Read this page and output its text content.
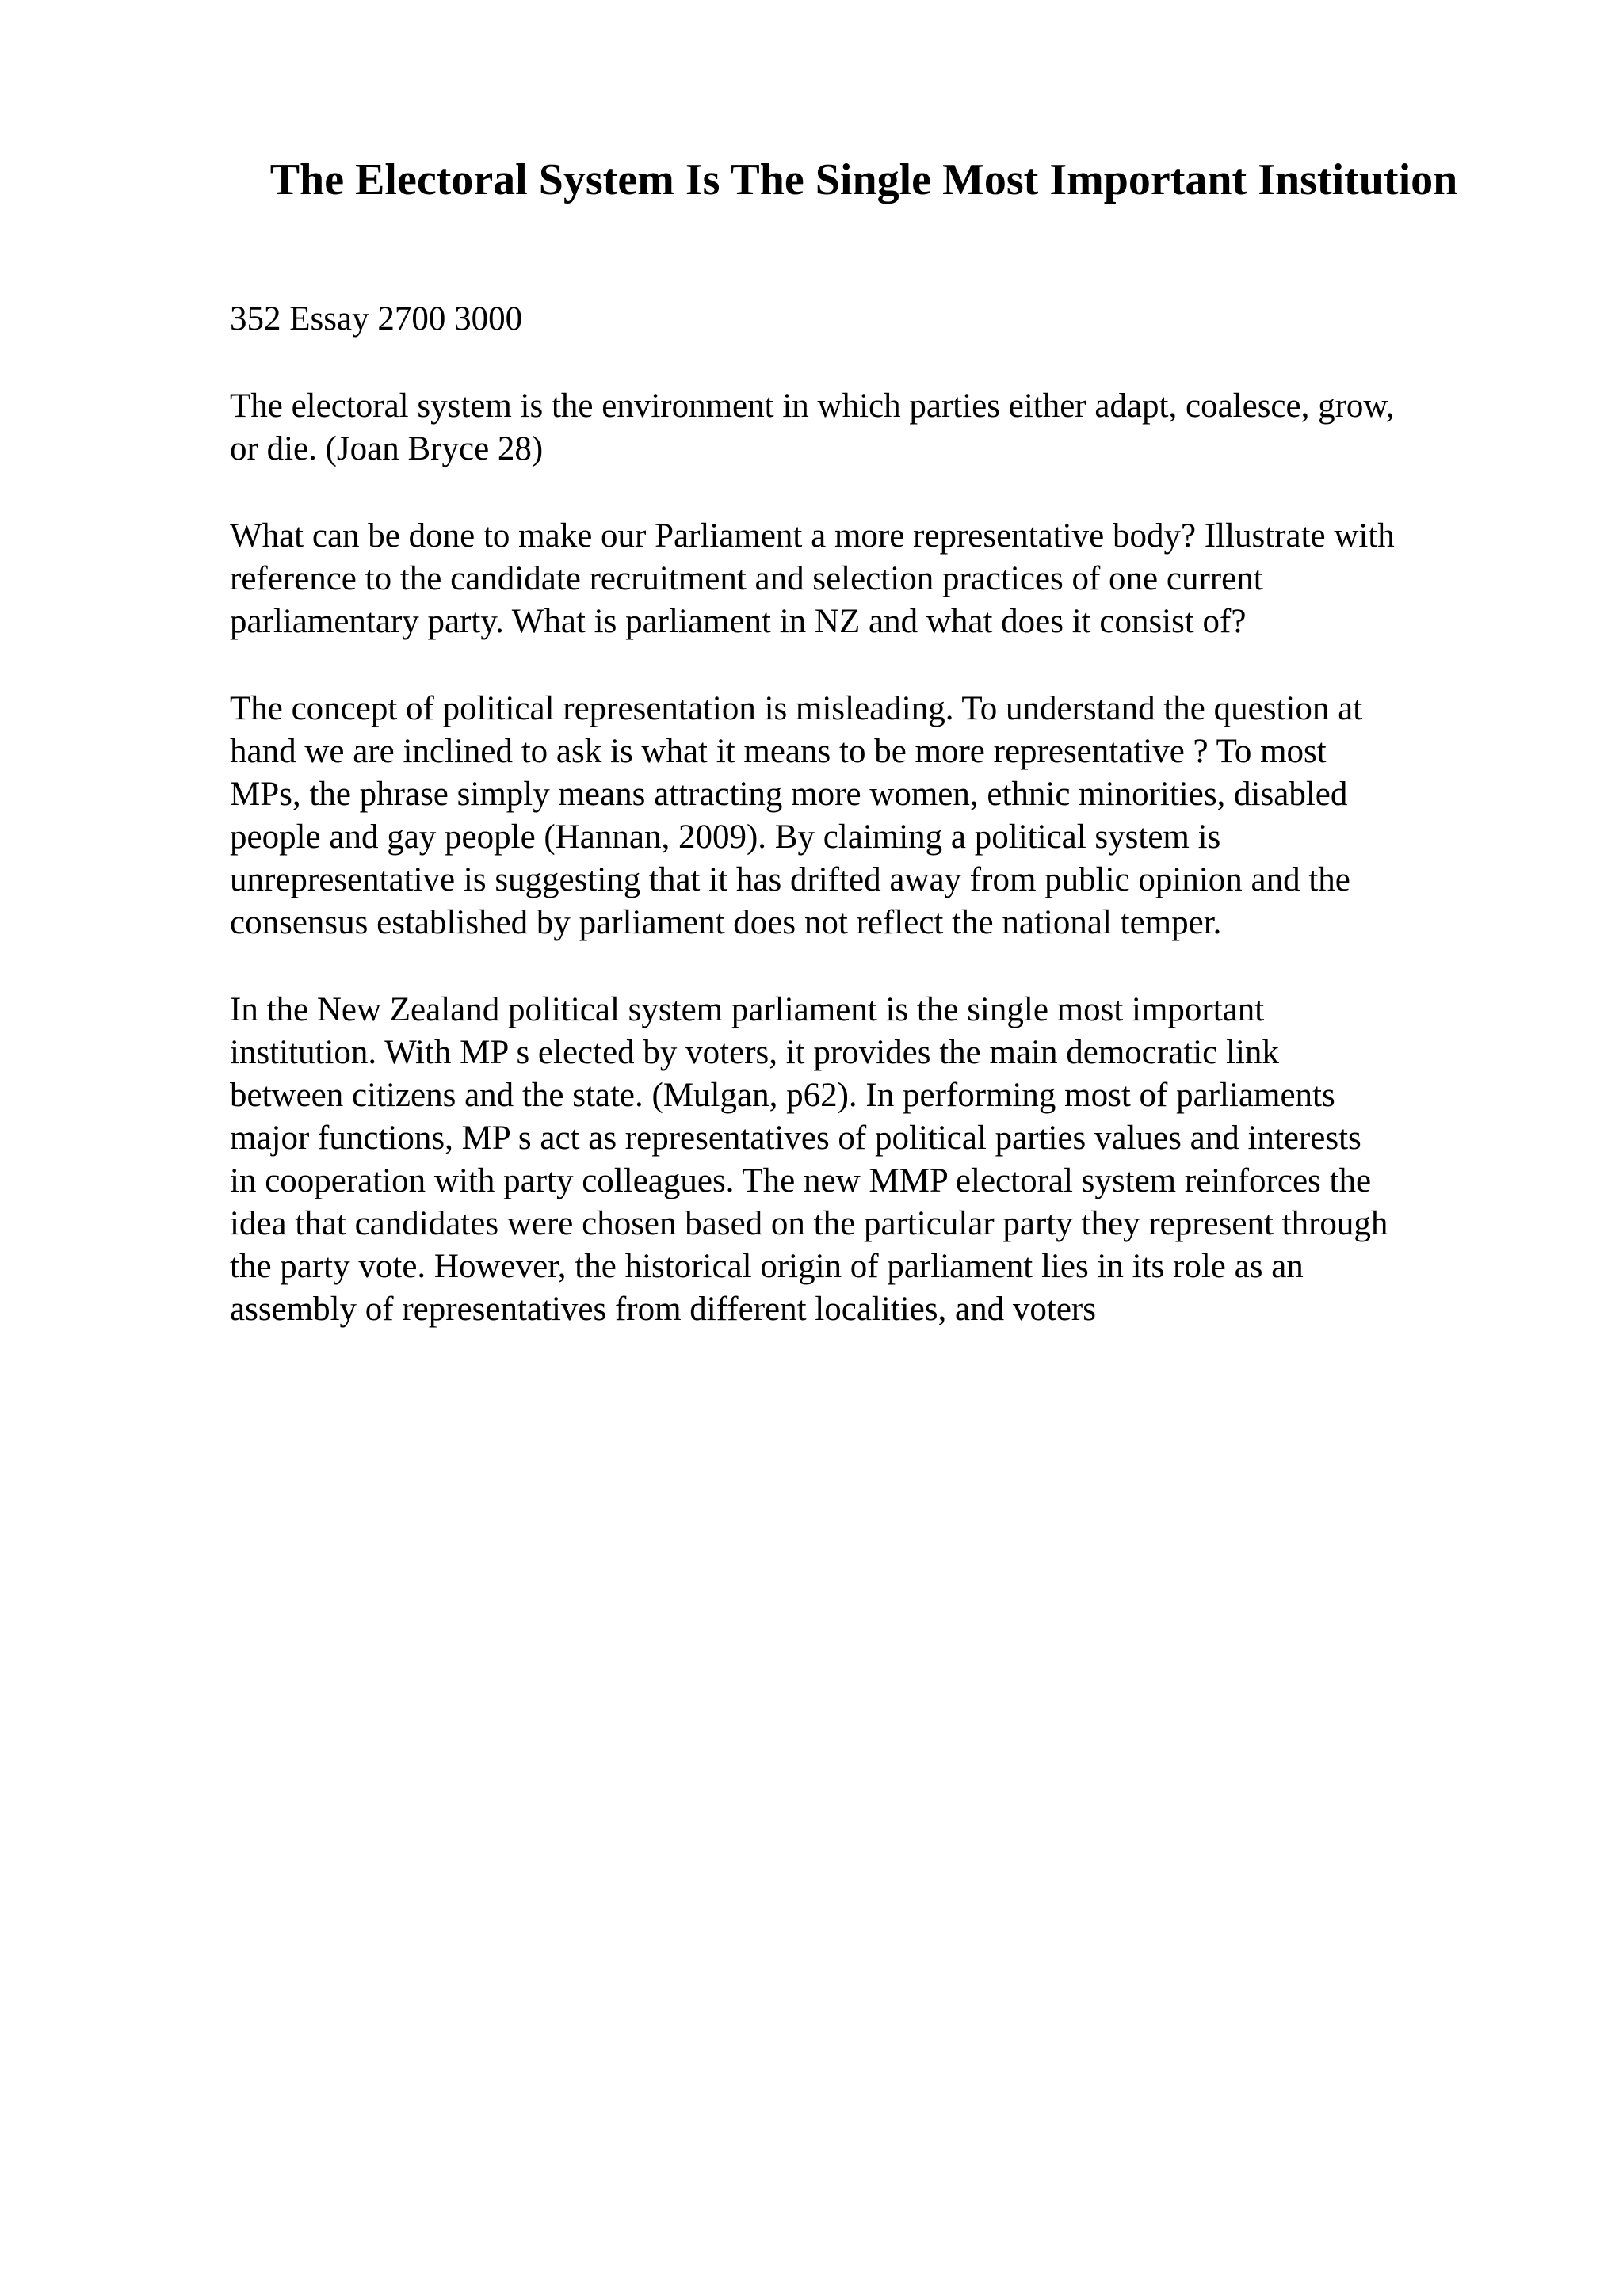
The Electoral System Is The Single Most Important Institution

352 Essay 2700 3000

The electoral system is the environment in which parties either adapt, coalesce, grow,
or die. (Joan Bryce 28)

What can be done to make our Parliament a more representative body? Illustrate with
reference to the candidate recruitment and selection practices of one current
parliamentary party. What is parliament in NZ and what does it consist of?

The concept of political representation is misleading. To understand the question at
hand we are inclined to ask is what it means to be more representative ? To most
MPs, the phrase simply means attracting more women, ethnic minorities, disabled
people and gay people (Hannan, 2009). By claiming a political system is
unrepresentative is suggesting that it has drifted away from public opinion and the
consensus established by parliament does not reflect the national temper.

In the New Zealand political system parliament is the single most important
institution. With MP s elected by voters, it provides the main democratic link
between citizens and the state. (Mulgan, p62). In performing most of parliaments
major functions, MP s act as representatives of political parties values and interests
in cooperation with party colleagues. The new MMP electoral system reinforces the
idea that candidates were chosen based on the particular party they represent through
the party vote. However, the historical origin of parliament lies in its role as an
assembly of representatives from different localities, and voters
